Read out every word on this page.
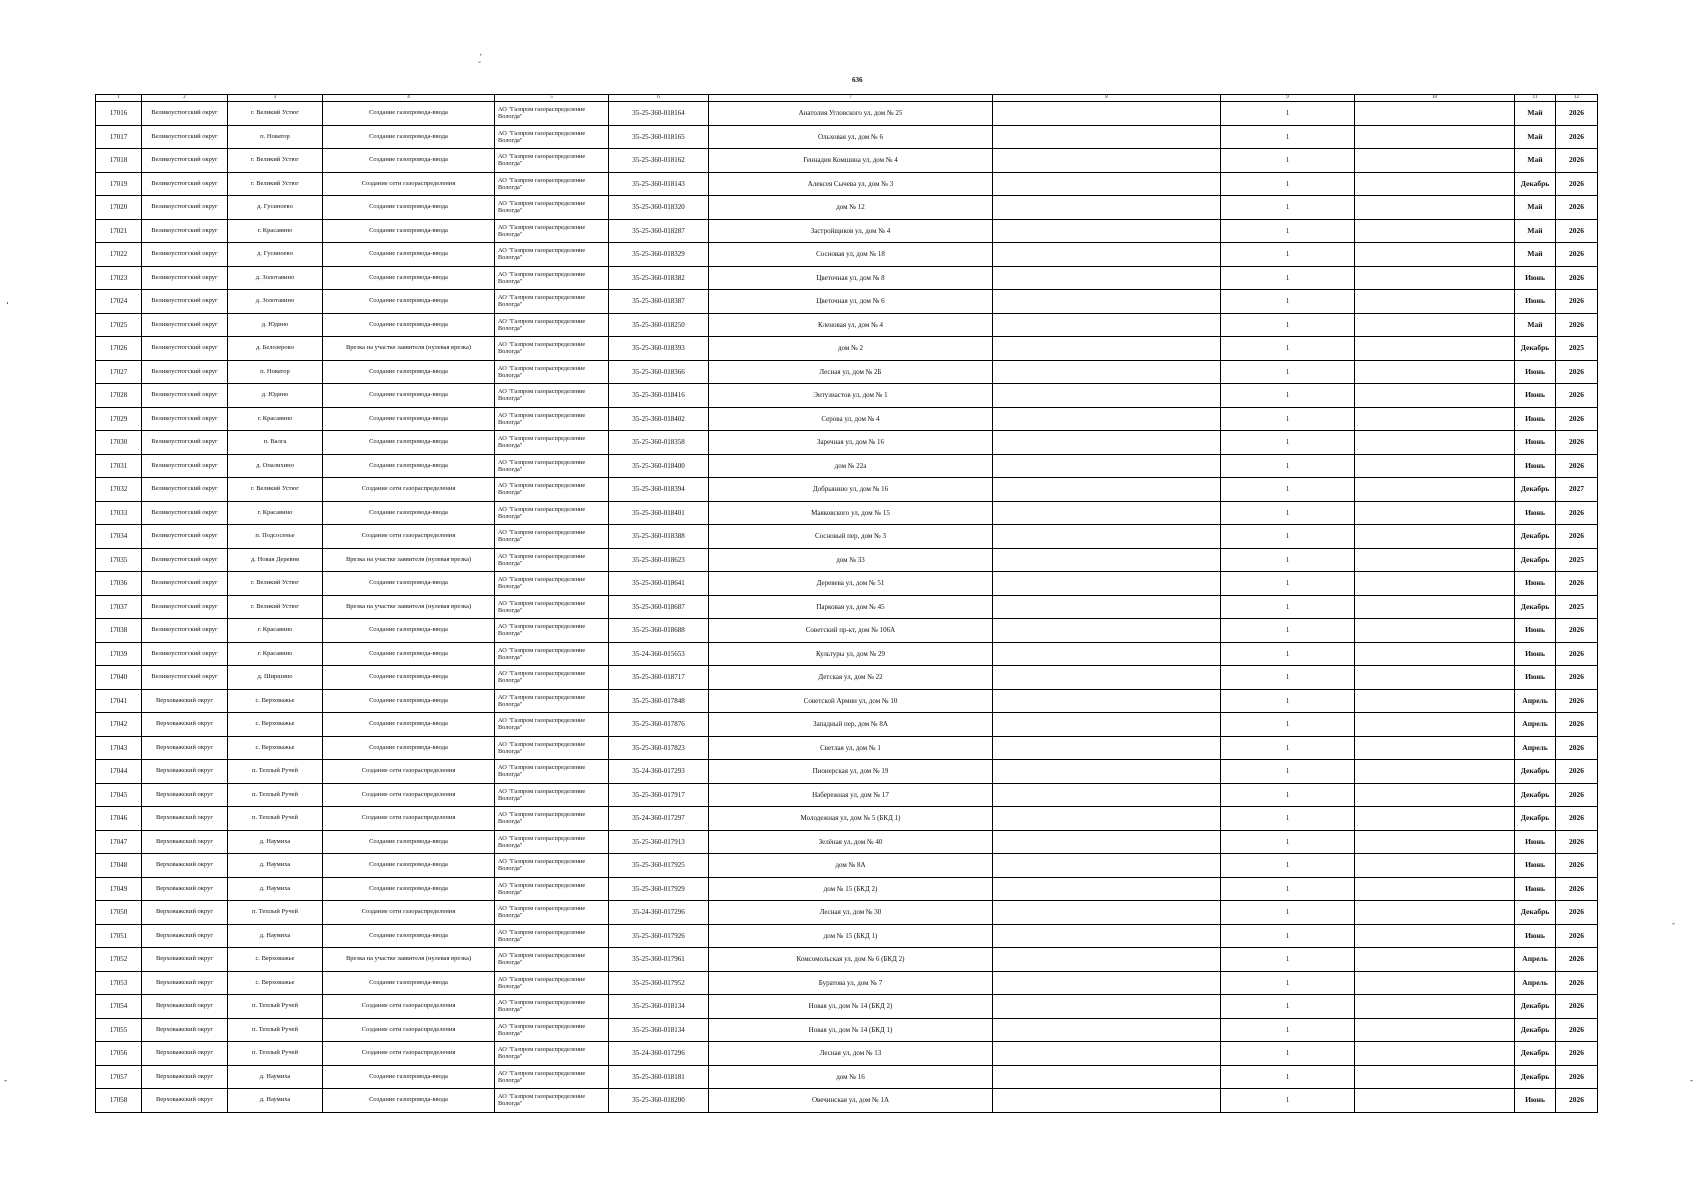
636
ʹ
˘
ʻ
-	-
-
1	2	3	4	5	6	7	8	9	10	11	12
17016	Великоустюгский округ	г. Великий Устюг	Создание газопровода-ввода	АО "Газпром газораспределение Вологда"	35-25-360-018164	Анатолия Угловского ул, дом № 25		1		Май	2026
17017	Великоустюгский округ	п. Новатор	Создание газопровода-ввода	АО "Газпром газораспределение Вологда"	35-25-360-018165	Ольховая ул, дом № 6		1		Май	2026
17018	Великоустюгский округ	г. Великий Устюг	Создание газопровода-ввода	АО "Газпром газораспределение Вологда"	35-25-360-018162	Геннадия Комшина ул, дом № 4		1		Май	2026
17019	Великоустюгский округ	г. Великий Устюг	Создание сети газораспределения	АО "Газпром газораспределение Вологда"	35-25-360-018143	Алексея Сычева ул, дом № 3		1		Декабрь	2026
17020	Великоустюгский округ	д. Гусиноево	Создание газопровода-ввода	АО "Газпром газораспределение Вологда"	35-25-360-018320	дом № 12		1		Май	2026
17021	Великоустюгский округ	г. Красавино	Создание газопровода-ввода	АО "Газпром газораспределение Вологда"	35-25-360-018287	Застройщиков ул, дом № 4		1		Май	2026
17022	Великоустюгский округ	д. Гусиноево	Создание газопровода-ввода	АО "Газпром газораспределение Вологда"	35-25-360-018329	Сосновая ул, дом № 18		1		Май	2026
17023	Великоустюгский округ	д. Золотавино	Создание газопровода-ввода	АО "Газпром газораспределение Вологда"	35-25-360-018382	Цветочная ул, дом № 8		1		Июнь	2026
17024	Великоустюгский округ	д. Золотавино	Создание газопровода-ввода	АО "Газпром газораспределение Вологда"	35-25-360-018387	Цветочная ул, дом № 6		1		Июнь	2026
17025	Великоустюгский округ	д. Юдино	Создание газопровода-ввода	АО "Газпром газораспределение Вологда"	35-25-360-018250	Кленовая ул, дом № 4		1		Май	2026
17026	Великоустюгский округ	д. Белозерово	Врезка на участке заявителя (нулевая врезка)	АО "Газпром газораспределение Вологда"	35-25-360-018393	дом № 2		1		Декабрь	2025
17027	Великоустюгский округ	п. Новатор	Создание газопровода-ввода	АО "Газпром газораспределение Вологда"	35-25-360-018366	Лесная ул, дом № 2Б		1		Июнь	2026
17028	Великоустюгский округ	д. Юдино	Создание газопровода-ввода	АО "Газпром газораспределение Вологда"	35-25-360-018416	Энтузиастов ул, дом № 1		1		Июнь	2026
17029	Великоустюгский округ	г. Красавино	Создание газопровода-ввода	АО "Газпром газораспределение Вологда"	35-25-360-018402	Серова ул, дом № 4		1		Июнь	2026
17030	Великоустюгский округ	п. Валга	Создание газопровода-ввода	АО "Газпром газораспределение Вологда"	35-25-360-018358	Заречная ул, дом № 16		1		Июнь	2026
17031	Великоустюгский округ	д. Опалихино	Создание газопровода-ввода	АО "Газпром газораспределение Вологда"	35-25-360-018400	дом № 22а		1		Июнь	2026
17032	Великоустюгский округ	г. Великий Устюг	Создание сети газораспределения	АО "Газпром газораспределение Вологда"	35-25-360-018394	Добрынино ул, дом № 16		1		Декабрь	2027
17033	Великоустюгский округ	г. Красавино	Создание газопровода-ввода	АО "Газпром газораспределение Вологда"	35-25-360-018401	Маяковского ул, дом № 15		1		Июнь	2026
17034	Великоустюгский округ	п. Подсосенье	Создание сети газораспределения	АО "Газпром газораспределение Вологда"	35-25-360-018388	Сосновый пер, дом № 3		1		Декабрь	2026
17035	Великоустюгский округ	д. Новая Деревня	Врезка на участке заявителя (нулевая врезка)	АО "Газпром газораспределение Вологда"	35-25-360-018623	дом № 33		1		Декабрь	2025
17036	Великоустюгский округ	г. Великий Устюг	Создание газопровода-ввода	АО "Газпром газораспределение Вологда"	35-25-360-018641	Деревева ул, дом № 51		1		Июнь	2026
17037	Великоустюгский округ	г. Великий Устюг	Врезка на участке заявителя (нулевая врезка)	АО "Газпром газораспределение Вологда"	35-25-360-018687	Парковая ул, дом № 45		1		Декабрь	2025
17038	Великоустюгский округ	г. Красавино	Создание газопровода-ввода	АО "Газпром газораспределение Вологда"	35-25-360-018688	Советский пр-кт, дом № 106А		1		Июнь	2026
17039	Великоустюгский округ	г. Красавино	Создание газопровода-ввода	АО "Газпром газораспределение Вологда"	35-24-360-015653	Культуры ул, дом № 29		1		Июнь	2026
17040	Великоустюгский округ	д. Ширшино	Создание газопровода-ввода	АО "Газпром газораспределение Вологда"	35-25-360-018717	Детская ул, дом № 22		1		Июнь	2026
17041	Верховажский округ	с. Верховажье	Создание газопровода-ввода	АО "Газпром газораспределение Вологда"	35-25-360-017848	Советской Армии ул, дом № 10		1		Апрель	2026
17042	Верховажский округ	с. Верховажье	Создание газопровода-ввода	АО "Газпром газораспределение Вологда"	35-25-360-017876	Западный пер, дом № 8А		1		Апрель	2026
17043	Верховажский округ	с. Верховажье	Создание газопровода-ввода	АО "Газпром газораспределение Вологда"	35-25-360-017823	Светлая ул, дом № 1		1		Апрель	2026
17044	Верховажский округ	п. Теплый Ручей	Создание сети газораспределения	АО "Газпром газораспределение Вологда"	35-24-360-017293	Пионерская ул, дом № 19		1		Декабрь	2026
17045	Верховажский округ	п. Теплый Ручей	Создание сети газораспределения	АО "Газпром газораспределение Вологда"	35-25-360-017917	Набережная ул, дом № 17		1		Декабрь	2026
17046	Верховажский округ	п. Теплый Ручей	Создание сети газораспределения	АО "Газпром газораспределение Вологда"	35-24-360-017297	Молодежная ул, дом № 5 (БКД 1)		1		Декабрь	2026
17047	Верховажский округ	д. Наумиха	Создание газопровода-ввода	АО "Газпром газораспределение Вологда"	35-25-360-017913	Зелёная ул, дом № 40		1		Июнь	2026
17048	Верховажский округ	д. Наумиха	Создание газопровода-ввода	АО "Газпром газораспределение Вологда"	35-25-360-017925	дом № 8А		1		Июнь	2026
17049	Верховажский округ	д. Наумиха	Создание газопровода-ввода	АО "Газпром газораспределение Вологда"	35-25-360-017929	дом № 15 (БКД 2)		1		Июнь	2026
17050	Верховажский округ	п. Теплый Ручей	Создание сети газораспределения	АО "Газпром газораспределение Вологда"	35-24-360-017296	Лесная ул, дом № 30		1		Декабрь	2026
17051	Верховажский округ	д. Наумиха	Создание газопровода-ввода	АО "Газпром газораспределение Вологда"	35-25-360-017926	дом № 15 (БКД 1)		1		Июнь	2026
17052	Верховажский округ	с. Верховажье	Врезка на участке заявителя (нулевая врезка)	АО "Газпром газораспределение Вологда"	35-25-360-017961	Комсомольская ул, дом № 6 (БКД 2)		1		Апрель	2026
17053	Верховажский округ	с. Верховажье	Создание газопровода-ввода	АО "Газпром газораспределение Вологда"	35-25-360-017952	Буратова ул, дом № 7		1		Апрель	2026
17054	Верховажский округ	п. Теплый Ручей	Создание сети газораспределения	АО "Газпром газораспределение Вологда"	35-25-360-018134	Новая ул, дом № 14 (БКД 2)		1		Декабрь	2026
17055	Верховажский округ	п. Теплый Ручей	Создание сети газораспределения	АО "Газпром газораспределение Вологда"	35-25-360-018134	Новая ул, дом № 14 (БКД 1)		1		Декабрь	2026
17056	Верховажский округ	п. Теплый Ручей	Создание сети газораспределения	АО "Газпром газораспределение Вологда"	35-24-360-017296	Лесная ул, дом № 13		1		Декабрь	2026
17057	Верховажский округ	д. Наумиха	Создание газопровода-ввода	АО "Газпром газораспределение Вологда"	35-25-360-018181	дом № 16		1		Декабрь	2026
17058	Верховажский округ	д. Наумиха	Создание газопровода-ввода	АО "Газпром газораспределение Вологда"	35-25-360-018200	Овечинская ул, дом № 1А		1		Июнь	2026
